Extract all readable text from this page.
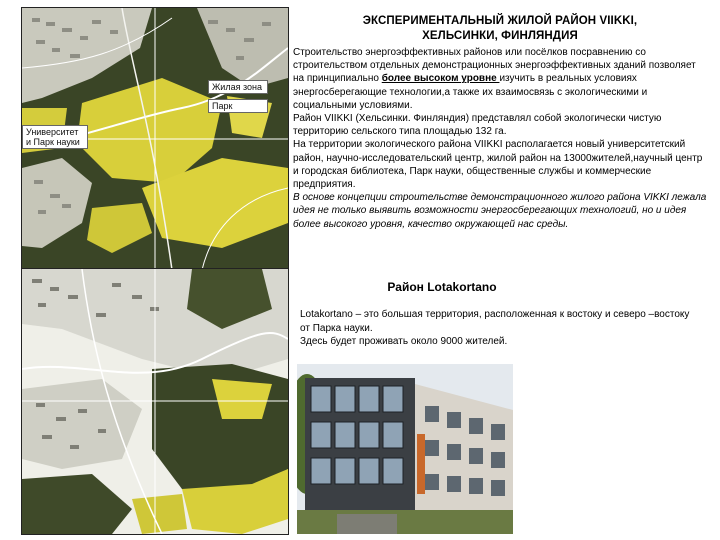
Жилая зона
Парк
Университет и Парк науки
ЭКСПЕРИМЕНТАЛЬНЫЙ ЖИЛОЙ РАЙОН VIIKKI,
ХЕЛЬСИНКИ, ФИНЛЯНДИЯ

Строительство энергоэффективных районов или посёлков посравнению со строительством отдельных демонстрационных энергоэффективных зданий позволяет на принципиально более высоком уровне изучить в реальных условиях энергосберегающие технологии,а также их взаимосвязь с экологическими и социальными условиями.

Район VIIKKI (Хельсинки. Финляндия) представлял собой экологически чистую территорию сельского типа площадью 132 га.

На территории экологического района VIIKKI располагается новый университетский район, научно-исследовательский центр, жилой район на 13000жителей,научный центр и городская библиотека, Парк науки, общественные службы и коммерческие предприятия.

В основе концепции строительстве демонстрационного жилого района VIKKI лежала идея не только выявить возможности энергосберегающих технологий, но и идея более высокого уровня, качество окружающей нас среды.

Район Lotakortano

Lotakortano – это большая территория, расположенная к востоку и северо –востоку от Парка науки.

Здесь будет проживать около 9000 жителей.
